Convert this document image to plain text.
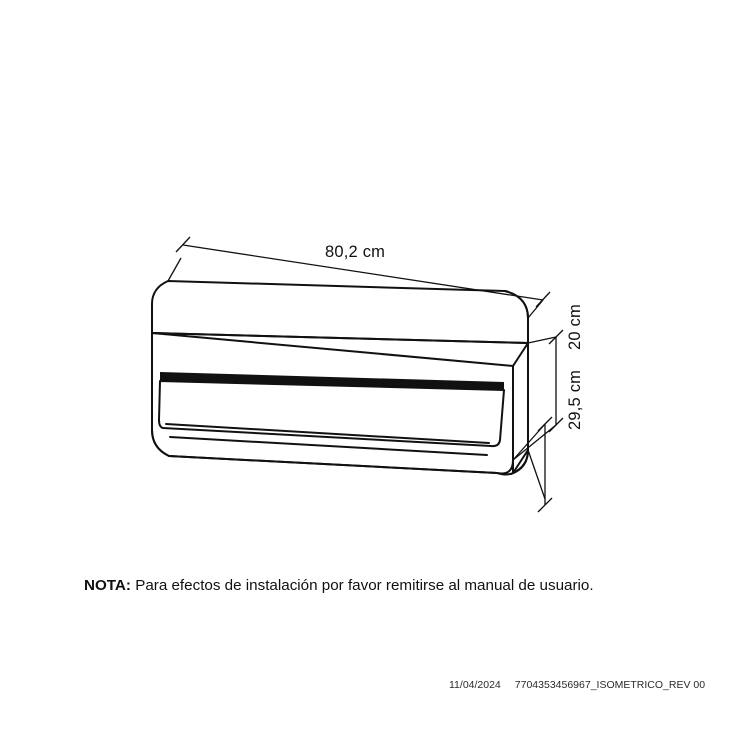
80,2 cm
20 cm
29,5 cm
NOTA: Para efectos de instalación por favor remitirse al manual de usuario.
11/04/2024 7704353456967_ISOMETRICO_REV 00
